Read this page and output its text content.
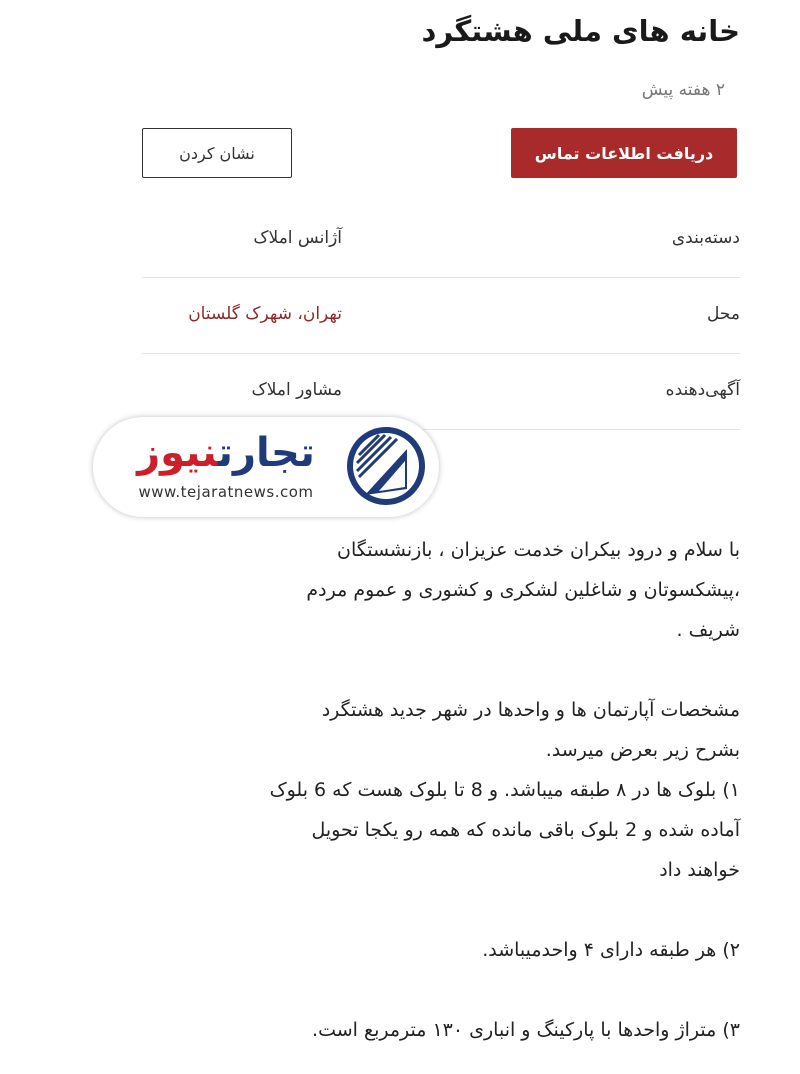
خانه های ملی هشتگرد
۲ هفته پیش
دریافت اطلاعات تماس
نشان کردن
دسته‌بندی
آژانس املاک
محل
تهران، شهرک گلستان
آگهی‌دهنده
مشاور املاک
تجارتنیوز
www.tejaratnews.com
با سلام و درود بیکران خدمت عزیزان ، بازنشستگان
،پیشکسوتان و شاغلین لشکری و کشوری و عموم مردم
شریف .
مشخصات آپارتمان ها و واحدها در شهر جدید هشتگرد
بشرح زیر بعرض میرسد.
۱) بلوک ها در ۸ طبقه میباشد. و 8 تا بلوک هست که 6 بلوک
آماده شده و 2 بلوک باقی مانده که همه رو یکجا تحویل
خواهند داد
۲) هر طبقه دارای ۴ واحدمیباشد.
۳) متراژ واحدها با پارکینگ و انباری ۱۳۰ مترمربع است.
